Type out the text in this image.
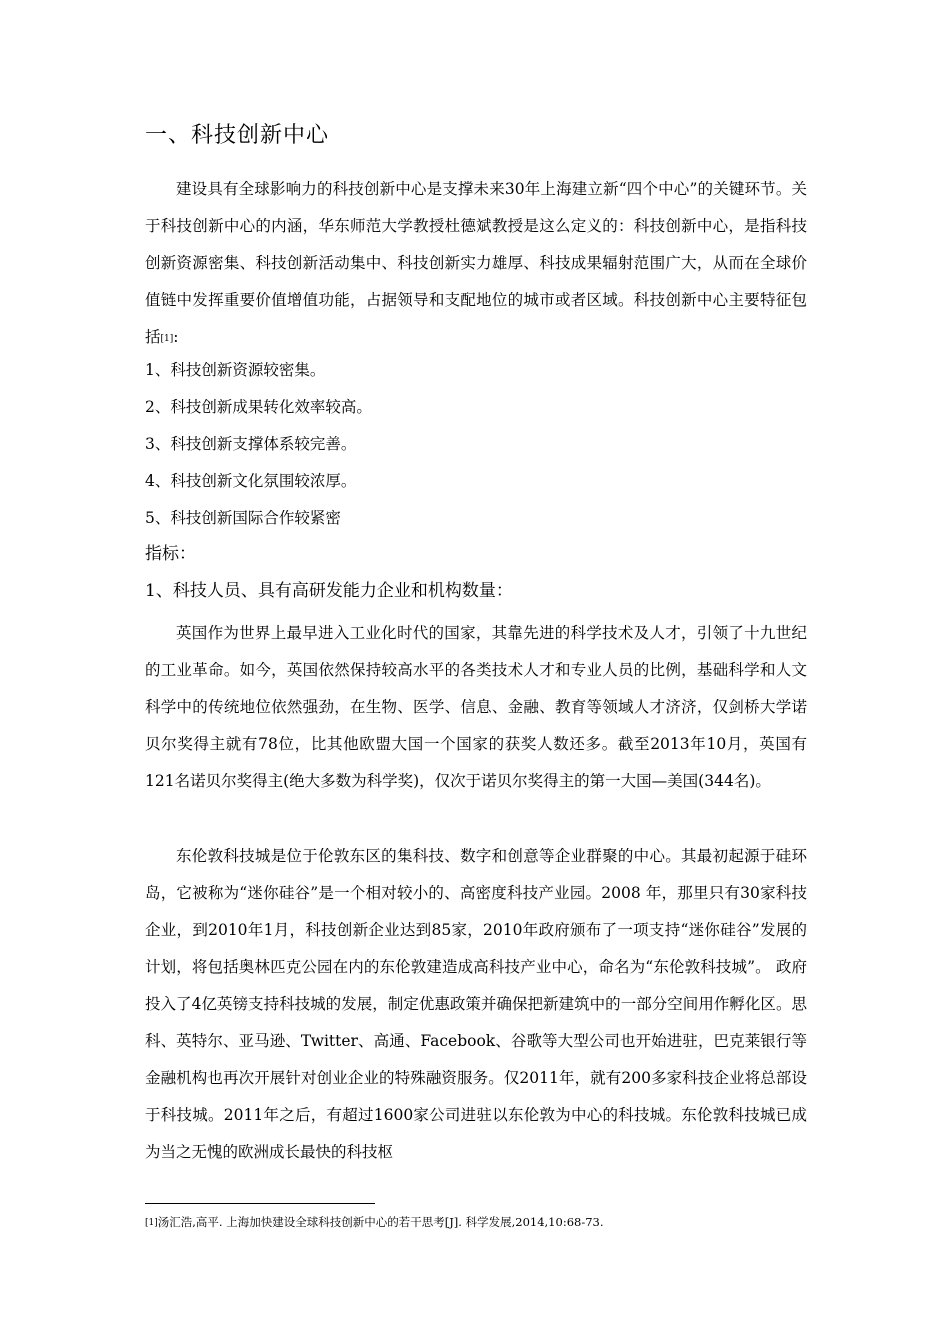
一、科技创新中心

建设具有全球影响力的科技创新中心是支撑未来30年上海建立新“四个中心”的关键环节。关于科技创新中心的内涵，华东师范大学教授杜德斌教授是这么定义的：科技创新中心，是指科技创新资源密集、科技创新活动集中、科技创新实力雄厚、科技成果辐射范围广大，从而在全球价值链中发挥重要价值增值功能，占据领导和支配地位的城市或者区域。科技创新中心主要特征包括[1]:

1、科技创新资源较密集。
2、科技创新成果转化效率较高。
3、科技创新支撑体系较完善。
4、科技创新文化氛围较浓厚。
5、科技创新国际合作较紧密
指标：
1、科技人员、具有高研发能力企业和机构数量：

英国作为世界上最早进入工业化时代的国家，其靠先进的科学技术及人才，引领了十九世纪的工业革命。如今，英国依然保持较高水平的各类技术人才和专业人员的比例，基础科学和人文科学中的传统地位依然强劲，在生物、医学、信息、金融、教育等领域人才济济，仅剑桥大学诺贝尔奖得主就有78位，比其他欧盟大国一个国家的获奖人数还多。截至2013年10月，英国有121名诺贝尔奖得主(绝大多数为科学奖)，仅次于诺贝尔奖得主的第一大国—美国(344名)。

东伦敦科技城是位于伦敦东区的集科技、数字和创意等企业群聚的中心。其最初起源于硅环岛，它被称为“迷你硅谷”是一个相对较小的、高密度科技产业园。2008 年，那里只有30家科技企业，到2010年1月，科技创新企业达到85家，2010年政府颁布了一项支持“迷你硅谷”发展的计划，将包括奥林匹克公园在内的东伦敦建造成高科技产业中心，命名为“东伦敦科技城”。 政府投入了4亿英镑支持科技城的发展，制定优惠政策并确保把新建筑中的一部分空间用作孵化区。思科、英特尔、亚马逊、Twitter、高通、Facebook、谷歌等大型公司也开始进驻，巴克莱银行等金融机构也再次开展针对创业企业的特殊融资服务。仅2011年，就有200多家科技企业将总部设于科技城。2011年之后，有超过1600家公司进驻以东伦敦为中心的科技城。东伦敦科技城已成为当之无愧的欧洲成长最快的科技枢

[1]汤汇浩,高平. 上海加快建设全球科技创新中心的若干思考[J]. 科学发展,2014,10:68-73.
